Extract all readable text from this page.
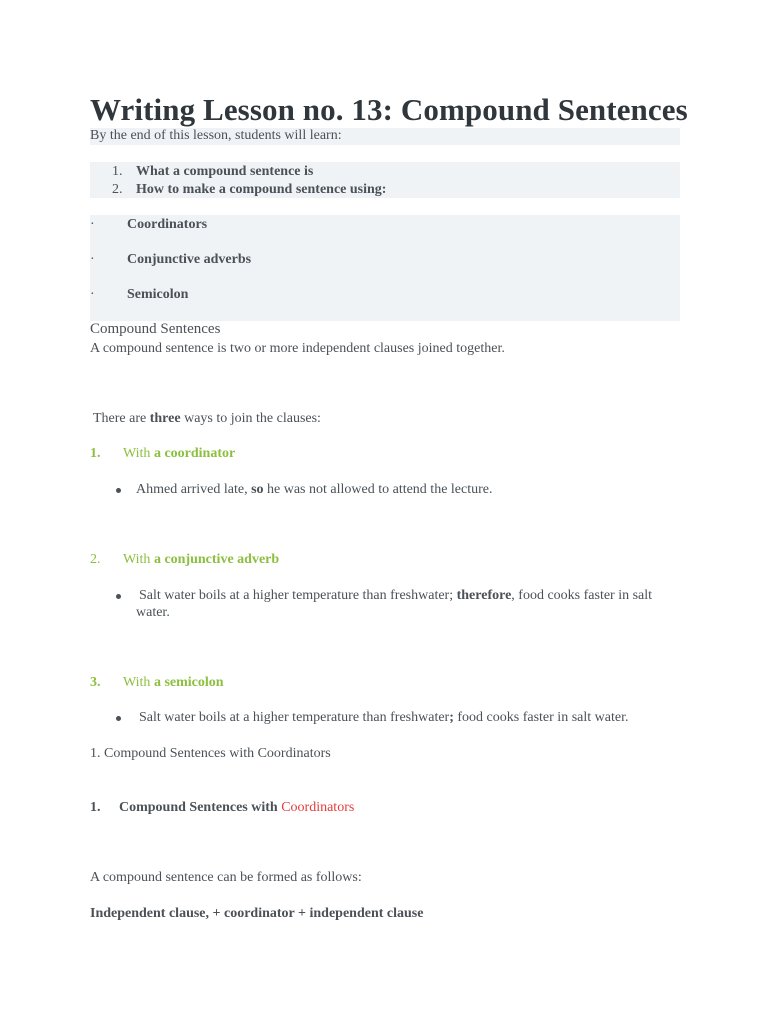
Writing Lesson no. 13: Compound Sentences
By the end of this lesson, students will learn:
1. What a compound sentence is
2. How to make a compound sentence using:
· Coordinators
· Conjunctive adverbs
· Semicolon
Compound Sentences
A compound sentence is two or more independent clauses joined together.
There are three ways to join the clauses:
1. With a coordinator
Ahmed arrived late, so he was not allowed to attend the lecture.
2. With a conjunctive adverb
Salt water boils at a higher temperature than freshwater; therefore, food cooks faster in salt
water.
3. With a semicolon
Salt water boils at a higher temperature than freshwater; food cooks faster in salt water.
1. Compound Sentences with Coordinators
1. Compound Sentences with Coordinators
A compound sentence can be formed as follows:
Independent clause, + coordinator + independent clause
